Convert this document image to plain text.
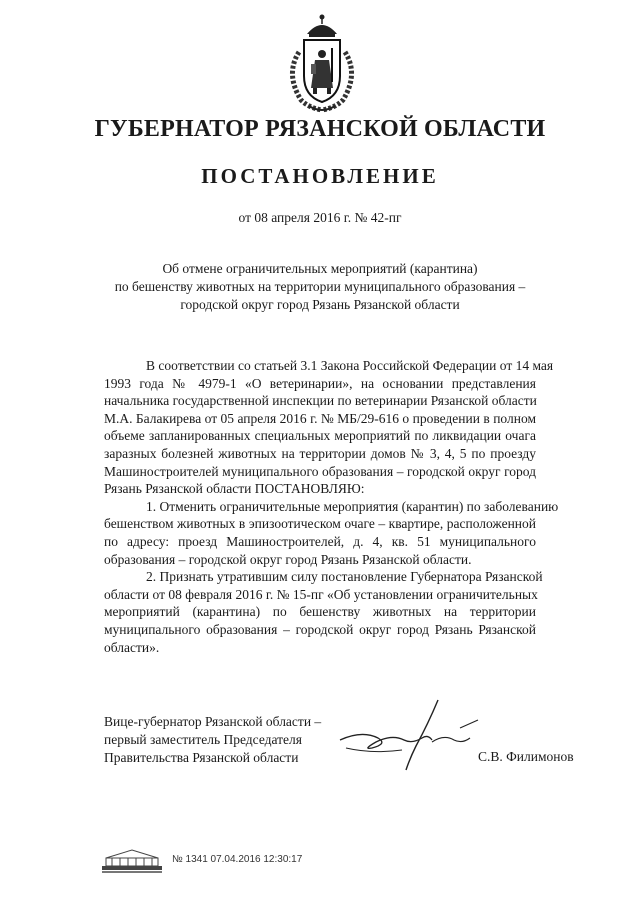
ГУБЕРНАТОР РЯЗАНСКОЙ ОБЛАСТИ
ПОСТАНОВЛЕНИЕ
от 08 апреля 2016 г. № 42-пг
Об отмене ограничительных мероприятий (карантина)
по бешенству животных на территории муниципального образования –
городской округ город Рязань Рязанской области
В соответствии со статьей 3.1 Закона Российской Федерации от 14 мая
1993 года № 4979-1 «О ветеринарии», на основании представления
начальника государственной инспекции по ветеринарии Рязанской области
М.А. Балакирева от 05 апреля 2016 г. № МБ/29-616 о проведении в полном
объеме запланированных специальных мероприятий по ликвидации очага
заразных болезней животных на территории домов № 3, 4, 5 по проезду
Машиностроителей муниципального образования – городской округ город
Рязань Рязанской области ПОСТАНОВЛЯЮ:
1. Отменить ограничительные мероприятия (карантин) по заболеванию
бешенством животных в эпизоотическом очаге – квартире, расположенной
по адресу: проезд Машиностроителей, д. 4, кв. 51 муниципального
образования – городской округ город Рязань Рязанской области.
2. Признать утратившим силу постановление Губернатора Рязанской
области от 08 февраля 2016 г. № 15-пг «Об установлении ограничительных
мероприятий (карантина) по бешенству животных на территории
муниципального образования – городской округ город Рязань Рязанской
области».
Вице-губернатор Рязанской области –
первый заместитель Председателя
Правительства Рязанской области	С.В. Филимонов
№ 1341 07.04.2016 12:30:17
